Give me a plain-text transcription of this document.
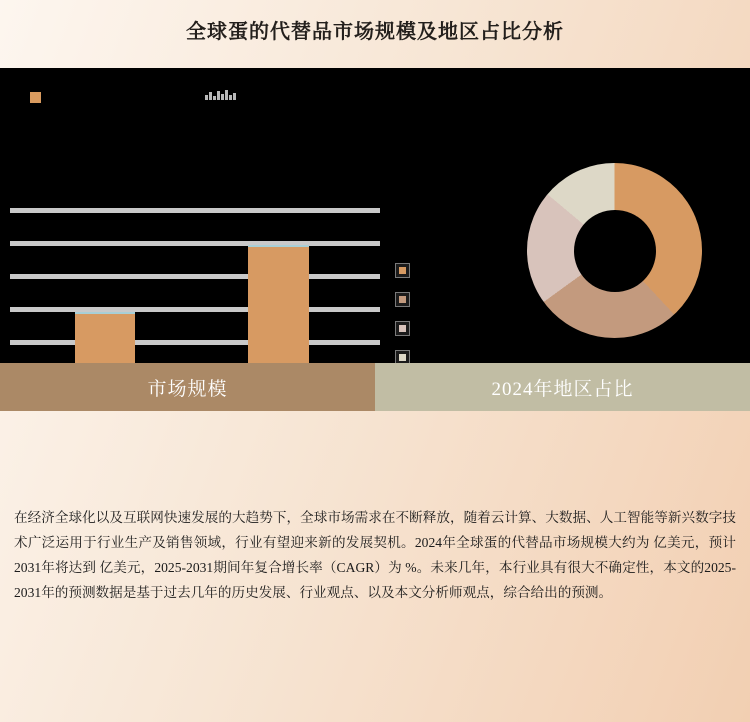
全球蛋的代替品市场规模及地区占比分析
市场规模	2024年地区占比

在经济全球化以及互联网快速发展的大趋势下，全球市场需求在不断释放，随着云计算、大数据、人工智能等新兴数字技术广泛运用于行业生产及销售领域，行业有望迎来新的发展契机。2024年全球蛋的代替品市场规模大约为 亿美元，预计2031年将达到 亿美元，2025-2031期间年复合增长率（CAGR）为 %。未来几年，本行业具有很大不确定性，本文的2025-2031年的预测数据是基于过去几年的历史发展、行业观点、以及本文分析师观点，综合给出的预测。
